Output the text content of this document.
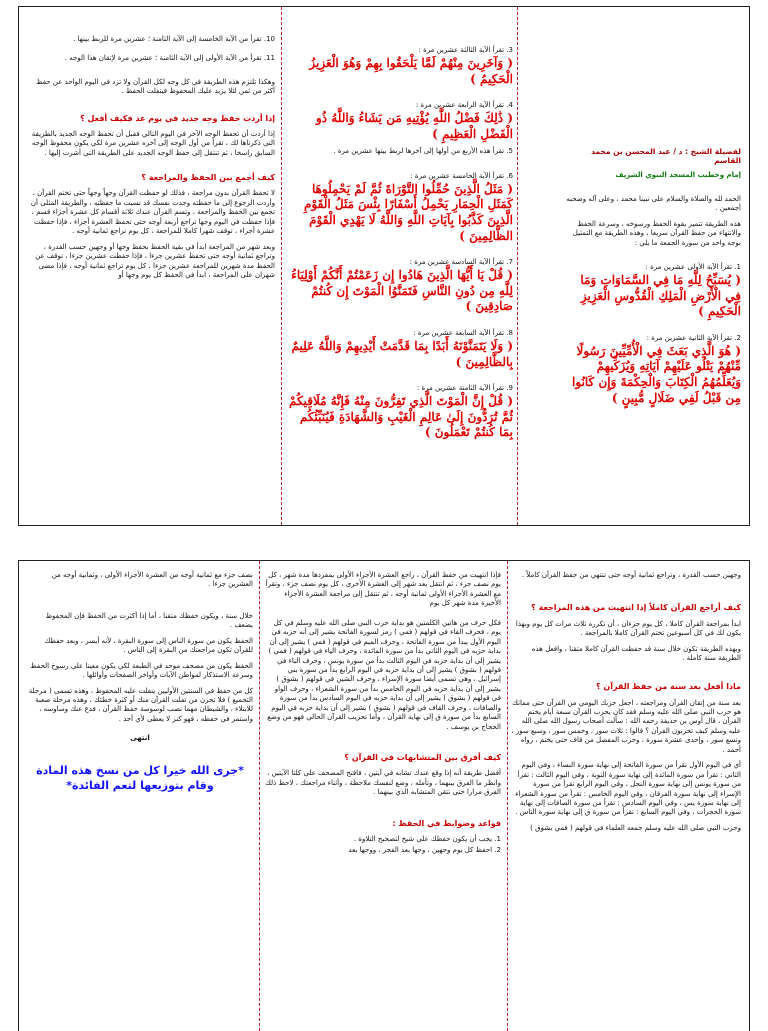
لفضيلة الشيخ : د / عبد المحسن بن محمد القاسم
إمام وخطيب المسجد النبوي الشريف

الحمد لله والصلاة والسلام على نبينا محمد ، وعلى آله وصحبه أجمعين .

هذه الطريقة تتميز بقوة الحفظ ورسوخه ، وسرعة الحفظ والانتهاء من حفظ القرآن سريعا ، وهذه الطريقة مع التمثيل بوجه واحد من سورة الجمعة ما يلي :

1. تقرأ الآية الأولى عشرين مرة :
( يُسَبِّحُ لِلَّهِ مَا فِي السَّمَاوَاتِ وَمَا فِي الْأَرْضِ الْمَلِكِ الْقُدُّوسِ الْعَزِيزِ الْحَكِيمِ )
2. تقرأ الآية الثانية عشرين مرة :
( هُوَ الَّذِي بَعَثَ فِي الْأُمِّيِّينَ رَسُولًا مِّنْهُمْ يَتْلُو عَلَيْهِمْ آيَاتِهِ وَيُزَكِّيهِمْ وَيُعَلِّمُهُمُ الْكِتَابَ وَالْحِكْمَةَ وَإِن كَانُوا مِن قَبْلُ لَفِي ضَلَالٍ مُّبِينٍ )
3. تقرأ الآية الثالثة عشرين مرة :
( وَآخَرِينَ مِنْهُمْ لَمَّا يَلْحَقُوا بِهِمْ وَهُوَ الْعَزِيزُ الْحَكِيمُ )
4. تقرأ الآية الرابعة عشرين مرة :
( ذَٰلِكَ فَضْلُ اللَّهِ يُؤْتِيهِ مَن يَشَاءُ وَاللَّهُ ذُو الْفَضْلِ الْعَظِيمِ )

5. تقرأ هذه الأربع من أولها إلى آخرها لربط بينها عشرين مرة .

6. تقرأ الآية الخامسة عشرين مرة :
( مَثَلُ الَّذِينَ حُمِّلُوا التَّوْرَاةَ ثُمَّ لَمْ يَحْمِلُوهَا كَمَثَلِ الْحِمَارِ يَحْمِلُ أَسْفَارًا بِئْسَ مَثَلُ الْقَوْمِ الَّذِينَ كَذَّبُوا بِآيَاتِ اللَّهِ وَاللَّهُ لَا يَهْدِي الْقَوْمَ الظَّالِمِينَ )
7. تقرأ الآية السادسة عشرين مرة :
( قُلْ يَا أَيُّهَا الَّذِينَ هَادُوا إِن زَعَمْتُمْ أَنَّكُمْ أَوْلِيَاءُ لِلَّهِ مِن دُونِ النَّاسِ فَتَمَنَّوُا الْمَوْتَ إِن كُنتُمْ صَادِقِينَ )
8. تقرأ الآية السابعة عشرين مرة :
( وَلَا يَتَمَنَّوْنَهُ أَبَدًا بِمَا قَدَّمَتْ أَيْدِيهِمْ وَاللَّهُ عَلِيمٌ بِالظَّالِمِينَ )
9. تقرأ الآية الثامنة عشرين مرة :
( قُلْ إِنَّ الْمَوْتَ الَّذِي تَفِرُّونَ مِنْهُ فَإِنَّهُ مُلَاقِيكُمْ ثُمَّ تُرَدُّونَ إِلَىٰ عَالِمِ الْغَيْبِ وَالشَّهَادَةِ فَيُنَبِّئُكُم بِمَا كُنتُمْ تَعْمَلُونَ )

10. تقرأ من الآية الخامسة إلى الآية الثامنة ؛ عشرين مرة للربط بينها .

11. تقرأ من الآية الأولى إلى الآية الثامنة ؛ عشرين مرة لإتقان هذا الوجه .

وهكذا تلتزم هذه الطريقة في كل وجه لكل القرآن ولا تزد في اليوم الواحد عن حفظ أكثر من ثمن لئلا يزيد عليك المحفوظ فيتفلت الحفظ .

إذا أردت حفظ وجه جديد في يوم غد فكيف أفعل ؟

إذا أردت أن تحفظ الوجه الآخر في اليوم التالي فقبل أن تحفظ الوجه الجديد بالطريقة التي ذكرناها لك ، تقرأ من أول الوجه إلى آخره عشرين مرة لكي يكون محفوظ الوجه السابق راسخا ، ثم تنتقل إلى حفظ الوجه الجديد على الطريقة التي أشرت إليها .

كيف أجمع بين الحفظ والمراجعة ؟

لا تحفظ القرآن بدون مراجعة ، فذلك لو حفظت القرآن وجهاً وجهاً حتى تختم القرآن ، وأردت الرجوع إلى ما حفظته وجدت نفسك قد نسيت ما حفظته ، والطريقة المثلى أن تجمع بين الحفظ والمراجعة ، وتسم القرآن عندك ثلاثة أقسام كل عشرة أجزاء قسم ، فإذا حفظت في اليوم وجها تراجع أربعة أوجه حتى تحفظ العشرة أجزاء ، فإذا حفظت عشرة أجزاء ، توقف شهرا كاملا للمراجعة ، كل يوم تراجع ثمانية أوجه .

وبعد شهر من المراجعة ابدأ في بقية الحفظ بحفظ وجها أو وجهين حسب القدرة ، وتراجع ثمانية أوجه حتى تحفظ عشرين جزءا ، فإذا حفظت عشرين جزءا ، توقف عن الحفظ مدة شهرين للمراجعة عشرين جزءا ، كل يوم تراجع ثمانية أوجه ، فإذا مضى شهران على المراجعة ، ابدأ في الحفظ كل يوم وجها أو

وجهين حسب القدرة ، وتراجع ثمانية أوجه حتى تنتهي من حفظ القرآن كاملاً .

كيف أراجع القرآن كاملاً إذا انتهيت من هذه المراجعة ؟

ابدأ بمراجعة القرآن كاملا ، كل يوم جزءان ، أن تكرره ثلاث مرات كل يوم وبهذا يكون لك في كل أسبوعين تختم القرآن كاملا بالمراجعة .

وبهذه الطريقة تكون خلال سنة قد حفظت القرآن كاملا متقنا ، وافعل هذه الطريقة سنة كاملة .

ماذا أفعل بعد سنة من حفظ القرآن ؟

بعد سنة من إتقان القرآن ومراجعته ، اجعل حزبك اليومي من القرآن حتى مماتك هو حزب النبي صلى الله عليه وسلم فقد كان يحزب القرآن سبعة أيام يختم القرآن ، قال أوس بن حذيفة رحمه الله : سألت أصحاب رسول الله صلى الله عليه وسلم كيف تحزبون القرآن ؟ قالوا : ثلاث سور ، وخمس سور ، وسبع سور ، وتسع سور ، وإحدى عشرة سورة ، وحزب المفصل من قاف حتى يختم ، رواه أحمد .

أي في اليوم الأول تقرأ من سورة الفاتحة إلى نهاية سورة النساء ، وفي اليوم الثاني : تقرأ من سورة المائدة إلى نهاية سورة التوبة ، وفي اليوم الثالث : تقرأ من سورة يونس إلى نهاية سورة النحل ، وفي اليوم الرابع تقرأ من سورة الإسراء إلى نهاية سورة الفرقان ، وفي اليوم الخامس : تقرأ من سورة الشعراء إلى نهاية سورة يس ، وفي اليوم السادس : تقرأ من سورة الصافات إلى نهاية سورة الحجرات ، وفي اليوم السابع : تقرأ من سورة ق إلى نهاية سورة الناس .

وحزب النبي صلى الله عليه وسلم جمعه العلماء في قولهم ( فمي بشوق )

فإذا انتهيت من حفظ القرآن ، راجع العشرة الأجزاء الأولى بمفردها مدة شهر ، كل يوم نصف جزء ، ثم انتقل بعد شهر إلى العشرة الأخرى ، كل يوم نصف جزء ، وتقرأ مع العشرة الأجزاء الأولى ثمانية أوجه ، ثم تنتقل إلى مراجعة العشرة الأجزاء الأخيرة مدة شهر كل يوم

فكل حرف من هاتين الكلمتين هو بداية حزب النبي صلى الله عليه وسلم في كل يوم ، فحرف الفاء في قولهم ( فمي ) رمز لسورة الفاتحة يشير إلى أنه حزبه في اليوم الأول يبدأ من سورة الفاتحة ، وحرف الميم في قولهم ( فمي ) يشير إلى أن بداية حزبه في اليوم الثاني بدأ من سورة المائدة ، وحرف الياء في قولهم ( فمي ) يشير إلى أن بداية حزبه في اليوم الثالث بدأ من سورة يونس ، وحرف الباء في قولهم ( بشوق ) يشير إلى أن بداية حزبه في اليوم الرابع بدأ من سورة بني إسرائيل ، وهي تسمى أيضا سورة الإسراء ، وحرف الشين في قولهم ( بشوق ) يشير إلى أن بداية حزبه في اليوم الخامس بدأ من سورة الشعراء ، وحرف الواو في قولهم ( بشوق ) يشير إلى أن بداية حزبه في اليوم السادس بدأ من سورة والصافات ، وحرف القاف في قولهم ( بشوق ) يشير إلى أن بداية حزبه في اليوم السابع بدأ من سورة ق إلى نهاية القرآن ، وأما تحزيب القرآن الحالي فهو من وضع الحجاج بن يوسف .

كيف أفرق بين المتشابهات في القرآن ؟

أفضل طريقة أنه إذا وقع عندك تشابه في آيتين ، فافتح المصحف على كلتا الآيتين ، وانظر ما الفرق بينهما ، وتأمله ، وضع لنفسك ملاحظة ، وأثناء مراجعتك ، لاحظ ذلك الفرق مرارا حتى تتقن المتشابه الذي بينهما .

قواعد وضوابط في الحفظ :

1. يجب أن يكون حفظك على شيخ لتصحيح التلاوة .

2. احفظ كل يوم وجهين ، وجها بعد الفجر ، ووجها بعد

نصف جزء مع ثمانية أوجه من العشرة الأجزاء الأولى ، وثمانية أوجه من العشرين جزءا .

خلال سنة ، ويكون حفظك متقنا ، أما إذا أكثرت من الحفظ فإن المحفوظ يضعف .

الحفظ يكون من سورة الناس إلى سورة البقرة ، لأنه أيسر ، وبعد حفظك للقرآن تكون مراجعتك من البقرة إلى الناس .

الحفظ يكون من مصحف موحد في الطبعة لكي يكون معينا على رسوخ الحفظ وسرعة الاستذكار لمواطن الآيات وأواخر الصفحات وأوائلها .

كل من حفظ في السنتين الأوليين ينفلت عليه المحفوظ ، وهذه تسمى ( مرحلة التجميع ) فلا تحزن من تفلت القرآن منك أو كثرة خطئك ، وهذه مرحلة صعبة للابتلاء ، والشيطان مهما نصب لوسوسة حفظ القرآن ، فدع عنك وساوسه ، واستمر في حفظه ، فهو كنز لا يعطى لأي أحد .

انتهى

*جرى الله خيرا كل من نسخ هذه المادة وقام بتوزيعها لتعم الفائدة*
